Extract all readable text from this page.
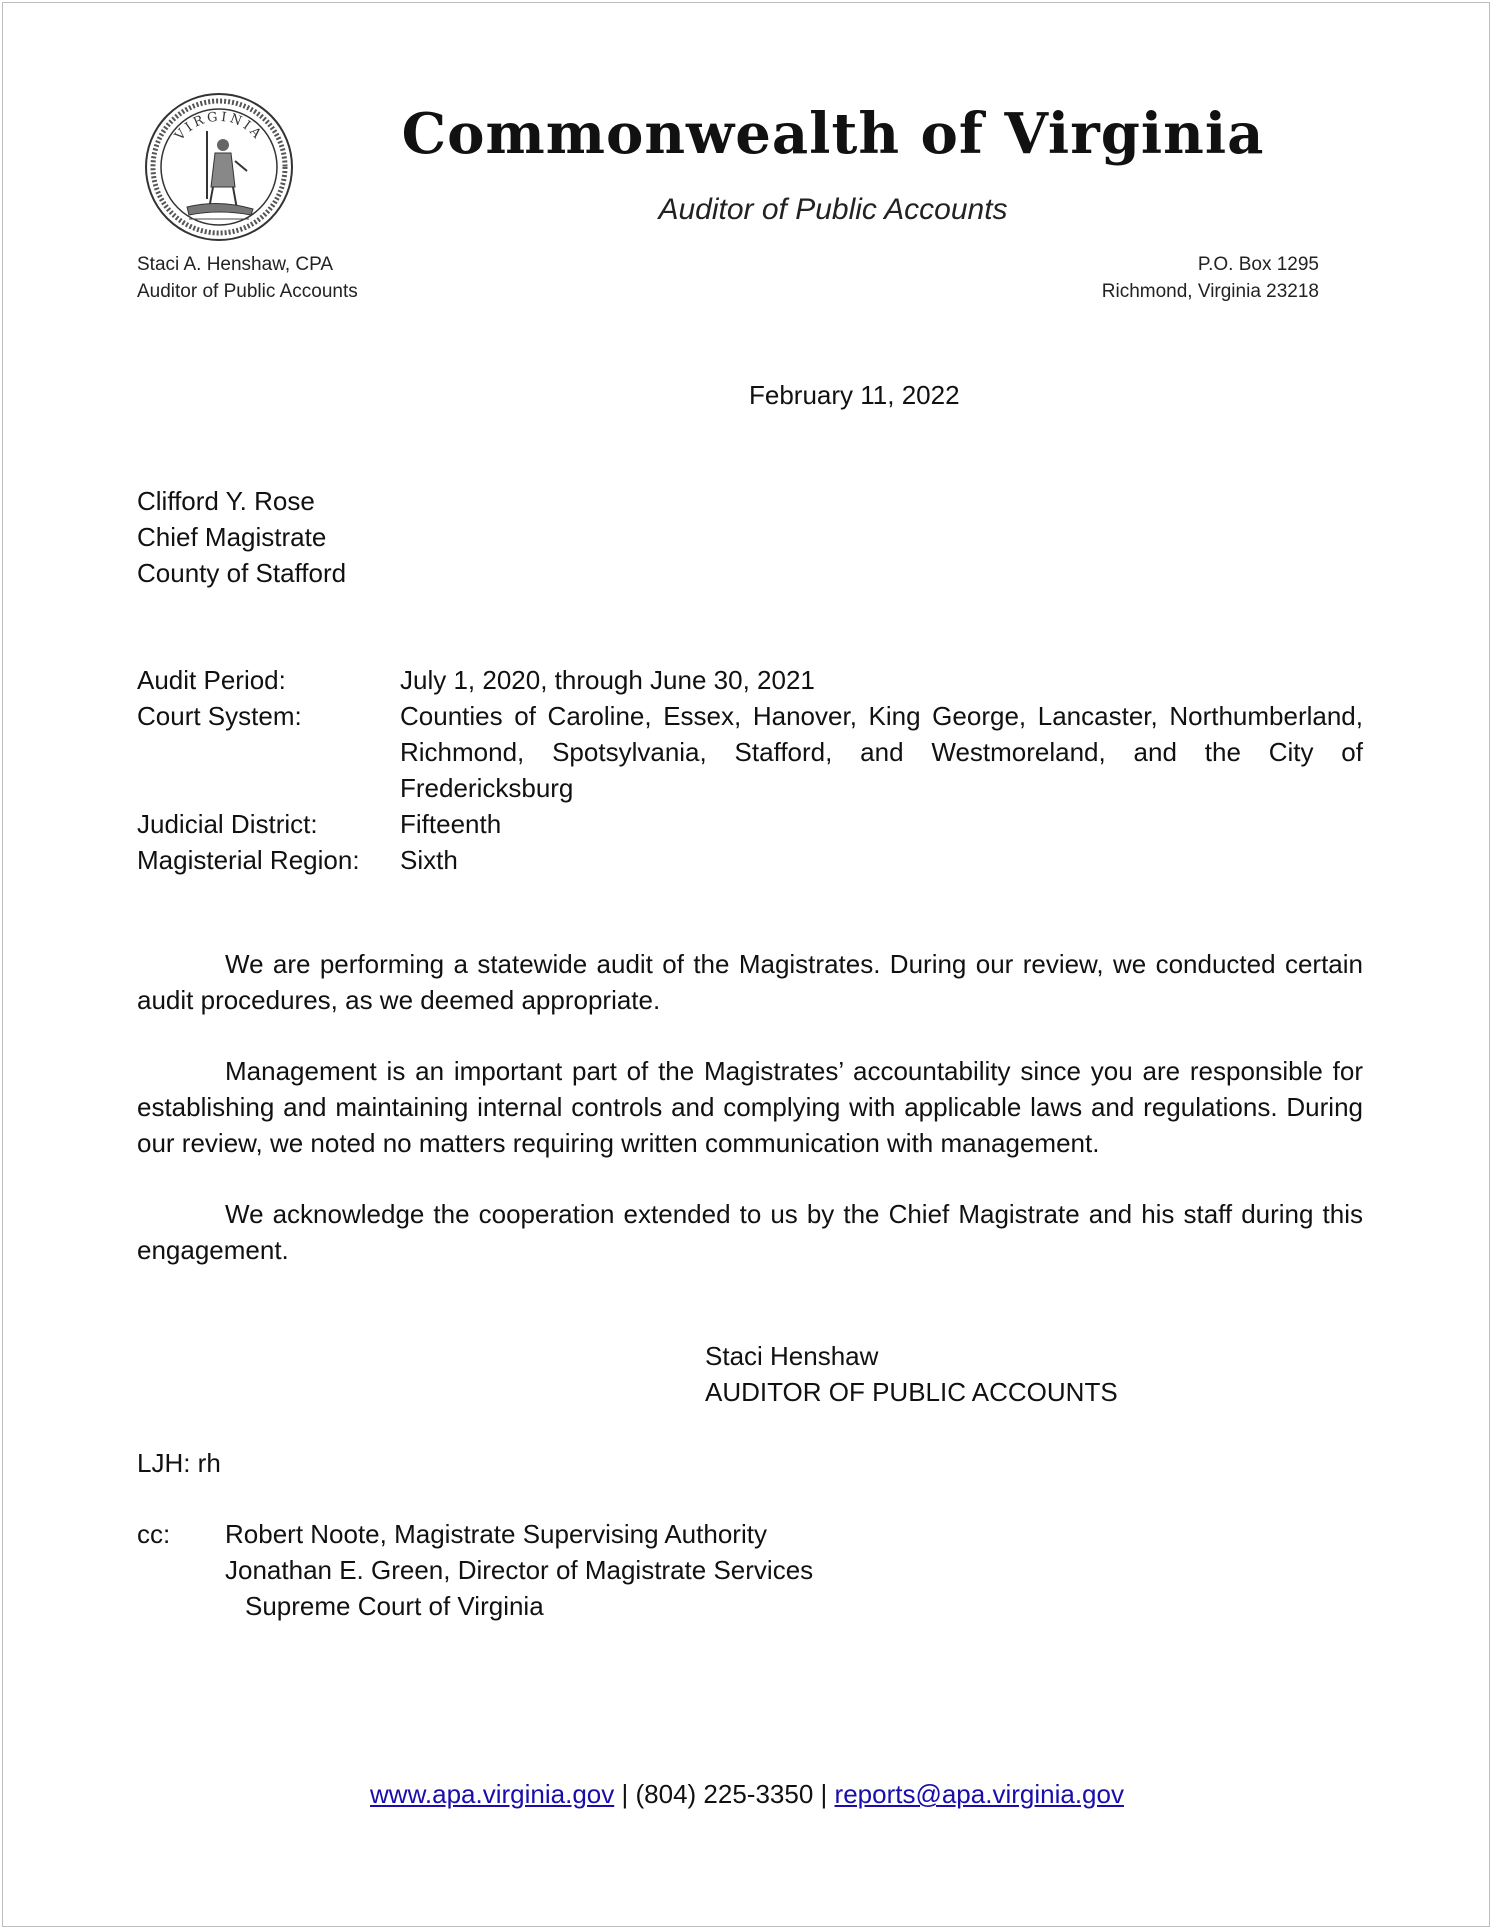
VIRGINIA	Commonwealth of Virginia
Auditor of Public Accounts
Staci A. Henshaw, CPA
Auditor of Public Accounts
P.O. Box 1295
Richmond, Virginia 23218
February 11, 2022
Clifford Y. Rose
Chief Magistrate
County of Stafford
Audit Period:	July 1, 2020, through June 30, 2021
Court System:	Counties of Caroline, Essex, Hanover, King George, Lancaster, Northumberland, Richmond, Spotsylvania, Stafford, and Westmoreland, and the City of Fredericksburg
Judicial District:	Fifteenth
Magisterial Region:	Sixth

We are performing a statewide audit of the Magistrates. During our review, we conducted certain audit procedures, as we deemed appropriate.

Management is an important part of the Magistrates’ accountability since you are responsible for establishing and maintaining internal controls and complying with applicable laws and regulations. During our review, we noted no matters requiring written communication with management.

We acknowledge the cooperation extended to us by the Chief Magistrate and his staff during this engagement.

Staci Henshaw
AUDITOR OF PUBLIC ACCOUNTS
LJH: rh
cc:	Robert Noote, Magistrate Supervising Authority
Jonathan E. Green, Director of Magistrate Services
Supreme Court of Virginia
www.apa.virginia.gov | (804) 225-3350 | reports@apa.virginia.gov
